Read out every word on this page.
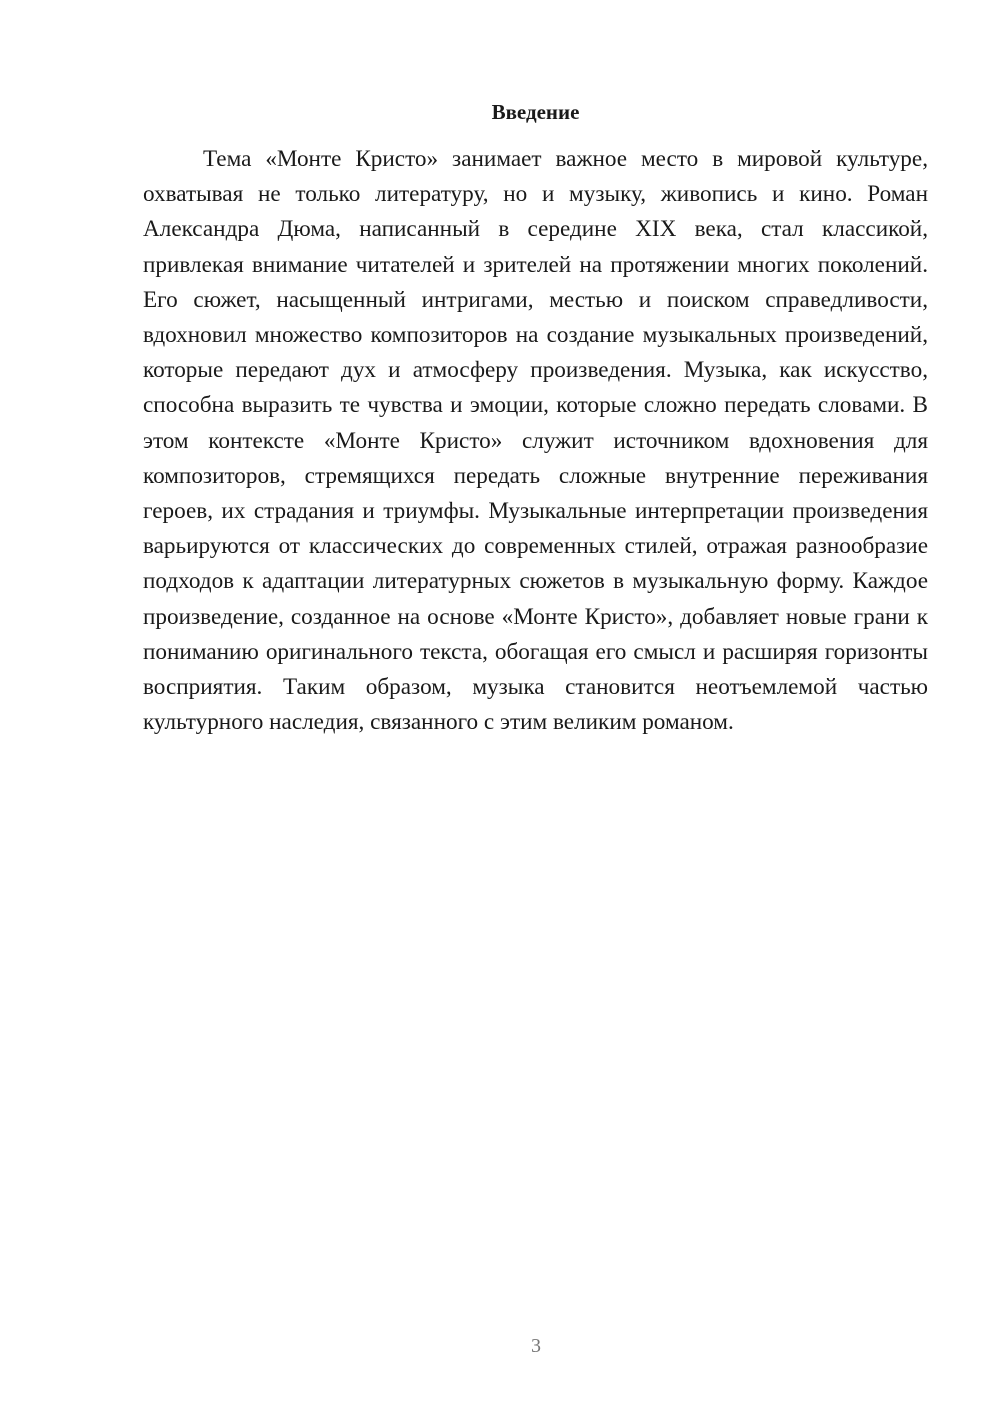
Введение

Тема «Монте Кристо» занимает важное место в мировой культуре, охватывая не только литературу, но и музыку, живопись и кино. Роман Александра Дюма, написанный в середине XIX века, стал классикой, привлекая внимание читателей и зрителей на протяжении многих поколений. Его сюжет, насыщенный интригами, местью и поиском справедливости, вдохновил множество композиторов на создание музыкальных произведений, которые передают дух и атмосферу произведения. Музыка, как искусство, способна выразить те чувства и эмоции, которые сложно передать словами. В этом контексте «Монте Кристо» служит источником вдохновения для композиторов, стремящихся передать сложные внутренние переживания героев, их страдания и триумфы. Музыкальные интерпретации произведения варьируются от классических до современных стилей, отражая разнообразие подходов к адаптации литературных сюжетов в музыкальную форму. Каждое произведение, созданное на основе «Монте Кристо», добавляет новые грани к пониманию оригинального текста, обогащая его смысл и расширяя горизонты восприятия. Таким образом, музыка становится неотъемлемой частью культурного наследия, связанного с этим великим романом.

3
